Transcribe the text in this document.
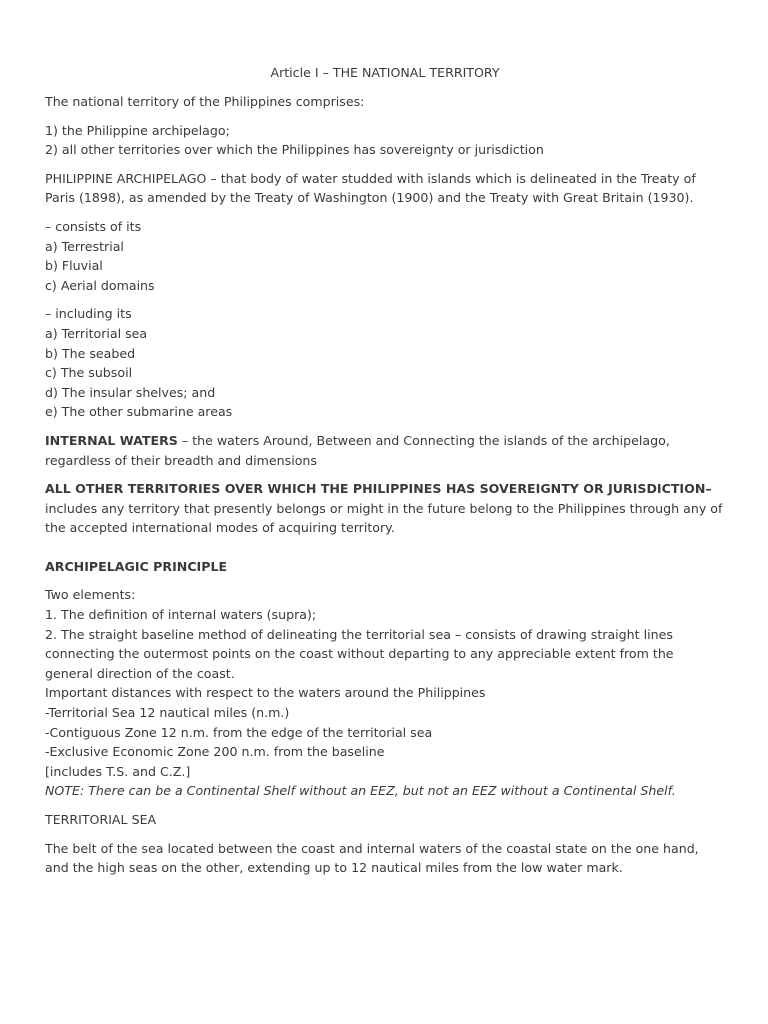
Article I – THE NATIONAL TERRITORY

The national territory of the Philippines comprises:

1) the Philippine archipelago;
2) all other territories over which the Philippines has sovereignty or jurisdiction

PHILIPPINE ARCHIPELAGO – that body of water studded with islands which is delineated in the Treaty of
Paris (1898), as amended by the Treaty of Washington (1900) and the Treaty with Great Britain (1930).

– consists of its
a) Terrestrial
b) Fluvial
c) Aerial domains

– including its
a) Territorial sea
b) The seabed
c) The subsoil
d) The insular shelves; and
e) The other submarine areas

INTERNAL WATERS – the waters Around, Between and Connecting the islands of the archipelago,
regardless of their breadth and dimensions

ALL OTHER TERRITORIES OVER WHICH THE PHILIPPINES HAS SOVEREIGNTY OR JURISDICTION–
includes any territory that presently belongs or might in the future belong to the Philippines through any of
the accepted international modes of acquiring territory.

ARCHIPELAGIC PRINCIPLE

Two elements:
1. The definition of internal waters (supra);
2. The straight baseline method of delineating the territorial sea – consists of drawing straight lines
connecting the outermost points on the coast without departing to any appreciable extent from the
general direction of the coast.
Important distances with respect to the waters around the Philippines
-Territorial Sea 12 nautical miles (n.m.)
-Contiguous Zone 12 n.m. from the edge of the territorial sea
-Exclusive Economic Zone 200 n.m. from the baseline
[includes T.S. and C.Z.]
NOTE: There can be a Continental Shelf without an EEZ, but not an EEZ without a Continental Shelf.

TERRITORIAL SEA

The belt of the sea located between the coast and internal waters of the coastal state on the one hand,
and the high seas on the other, extending up to 12 nautical miles from the low water mark.
